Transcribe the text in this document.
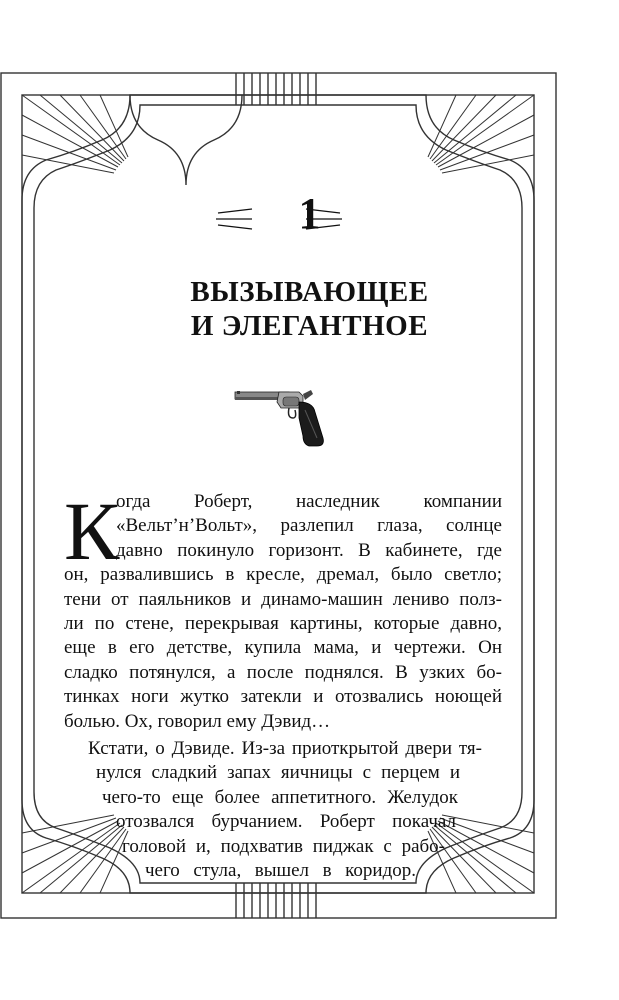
1
ВЫЗЫВАЮЩЕЕ
И ЭЛЕГАНТНОЕ
К
огда Роберт, наследник компании
«Вельт’н’Вольт», разлепил глаза, солнце
давно покинуло горизонт. В кабинете, где
он, развалившись в кресле, дремал, было светло;
тени от паяльников и динамо-машин лениво полз-
ли по стене, перекрывая картины, которые давно,
еще в его детстве, купила мама, и чертежи. Он
сладко потянулся, а после поднялся. В узких бо-
тинках ноги жутко затекли и отозвались ноющей
болью. Ох, говорил ему Дэвид…
Кстати, о Дэвиде. Из-за приоткрытой двери тя-
нулся сладкий запах яичницы с перцем и
чего-то еще более аппетитного. Желудок
отозвался бурчанием. Роберт покачал
головой и, подхватив пиджак с рабо-
чего стула, вышел в коридор.
